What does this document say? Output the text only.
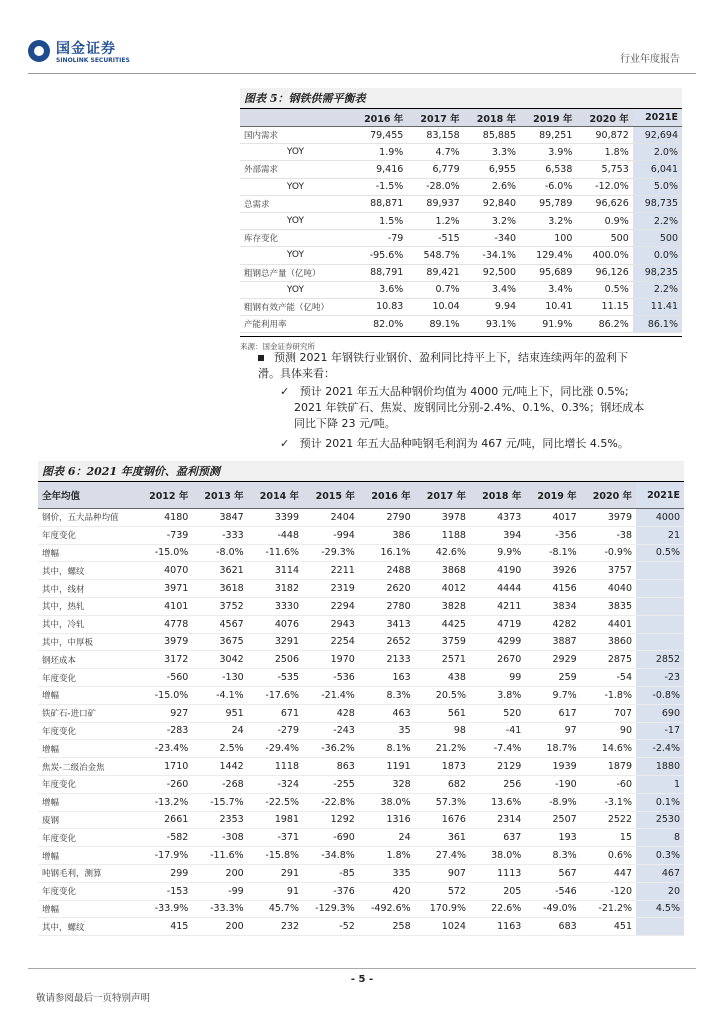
国金证券
SINOLINK SECURITIES	行业年度报告
图表 5：钢铁供需平衡表
	2016 年	2017 年	2018 年	2019 年	2020 年	2021E
国内需求	79,455	83,158	85,885	89,251	90,872	92,694
YOY	1.9%	4.7%	3.3%	3.9%	1.8%	2.0%
外部需求	9,416	6,779	6,955	6,538	5,753	6,041
YOY	-1.5%	-28.0%	2.6%	-6.0%	-12.0%	5.0%
总需求	88,871	89,937	92,840	95,789	96,626	98,735
YOY	1.5%	1.2%	3.2%	3.2%	0.9%	2.2%
库存变化	-79	-515	-340	100	500	500
YOY	-95.6%	548.7%	-34.1%	129.4%	400.0%	0.0%
粗钢总产量（亿吨）	88,791	89,421	92,500	95,689	96,126	98,235
YOY	3.6%	0.7%	3.4%	3.4%	0.5%	2.2%
粗钢有效产能（亿吨）	10.83	10.04	9.94	10.41	11.15	11.41
产能利用率	82.0%	89.1%	93.1%	91.9%	86.2%	86.1%
来源：国金证券研究所
预测 2021 年钢铁行业钢价、盈利同比持平上下，结束连续两年的盈利下
滑。具体来看：
✓ 预计 2021 年五大品种钢价均值为 4000 元/吨上下，同比涨 0.5%;
2021 年铁矿石、焦炭、废钢同比分别-2.4%、0.1%、0.3%；钢坯成本
同比下降 23 元/吨。
✓ 预计 2021 年五大品种吨钢毛利润为 467 元/吨，同比增长 4.5%。
图表 6：2021 年度钢价、盈利预测
全年均值	2012 年	2013 年	2014 年	2015 年	2016 年	2017 年	2018 年	2019 年	2020 年	2021E
钢价，五大品种均值	4180	3847	3399	2404	2790	3978	4373	4017	3979	4000
年度变化	-739	-333	-448	-994	386	1188	394	-356	-38	21
增幅	-15.0%	-8.0%	-11.6%	-29.3%	16.1%	42.6%	9.9%	-8.1%	-0.9%	0.5%
其中，螺纹	4070	3621	3114	2211	2488	3868	4190	3926	3757	
其中，线材	3971	3618	3182	2319	2620	4012	4444	4156	4040	
其中，热轧	4101	3752	3330	2294	2780	3828	4211	3834	3835	
其中，冷轧	4778	4567	4076	2943	3413	4425	4719	4282	4401	
其中，中厚板	3979	3675	3291	2254	2652	3759	4299	3887	3860	
钢坯成本	3172	3042	2506	1970	2133	2571	2670	2929	2875	2852
年度变化	-560	-130	-535	-536	163	438	99	259	-54	-23
增幅	-15.0%	-4.1%	-17.6%	-21.4%	8.3%	20.5%	3.8%	9.7%	-1.8%	-0.8%
铁矿石-进口矿	927	951	671	428	463	561	520	617	707	690
年度变化	-283	24	-279	-243	35	98	-41	97	90	-17
增幅	-23.4%	2.5%	-29.4%	-36.2%	8.1%	21.2%	-7.4%	18.7%	14.6%	-2.4%
焦炭-二级冶金焦	1710	1442	1118	863	1191	1873	2129	1939	1879	1880
年度变化	-260	-268	-324	-255	328	682	256	-190	-60	1
增幅	-13.2%	-15.7%	-22.5%	-22.8%	38.0%	57.3%	13.6%	-8.9%	-3.1%	0.1%
废钢	2661	2353	1981	1292	1316	1676	2314	2507	2522	2530
年度变化	-582	-308	-371	-690	24	361	637	193	15	8
增幅	-17.9%	-11.6%	-15.8%	-34.8%	1.8%	27.4%	38.0%	8.3%	0.6%	0.3%
吨钢毛利，测算	299	200	291	-85	335	907	1113	567	447	467
年度变化	-153	-99	91	-376	420	572	205	-546	-120	20
增幅	-33.9%	-33.3%	45.7%	-129.3%	-492.6%	170.9%	22.6%	-49.0%	-21.2%	4.5%
其中，螺纹	415	200	232	-52	258	1024	1163	683	451	
- 5 -
敬请参阅最后一页特别声明
